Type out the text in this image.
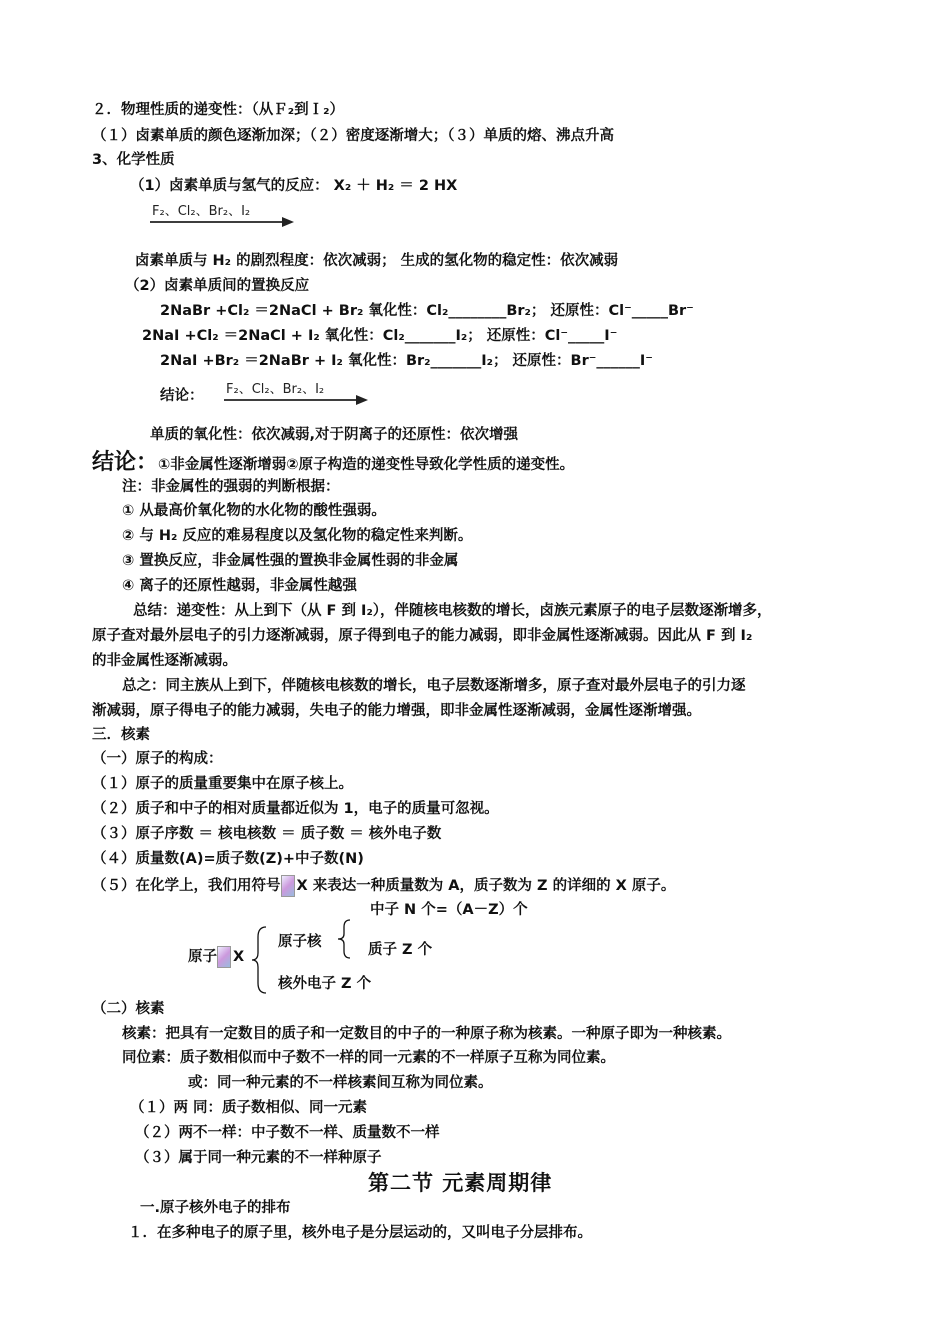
２．物理性质的递变性：（从Ｆ₂到Ｉ₂）
（１）卤素单质的颜色逐渐加深；（２）密度逐渐增大；（３）单质的熔、沸点升高
3、化学性质
（1）卤素单质与氢气的反应： X₂ ＋ H₂ ＝ 2 HX
F₂、Cl₂、Br₂、I₂
卤素单质与 H₂ 的剧烈程度：依次减弱； 生成的氢化物的稳定性：依次减弱
（2）卤素单质间的置换反应
2NaBr +Cl₂ ＝2NaCl + Br₂ 氧化性：Cl₂________Br₂； 还原性：Cl⁻_____Br⁻
2NaI +Cl₂ ＝2NaCl + I₂ 氧化性：Cl₂_______I₂； 还原性：Cl⁻_____I⁻
2NaI +Br₂ ＝2NaBr + I₂ 氧化性：Br₂_______I₂； 还原性：Br⁻______I⁻
结论： F₂、Cl₂、Br₂、I₂
单质的氧化性：依次减弱,对于阴离子的还原性：依次增强
结论：①非金属性逐渐增弱②原子构造的递变性导致化学性质的递变性。
注：非金属性的强弱的判断根据：
① 从最高价氧化物的水化物的酸性强弱。
② 与 H₂ 反应的难易程度以及氢化物的稳定性来判断。
③ 置换反应，非金属性强的置换非金属性弱的非金属
④ 离子的还原性越弱，非金属性越强
总结：递变性：从上到下（从 F 到 I₂），伴随核电核数的增长，卤族元素原子的电子层数逐渐增多，
原子查对最外层电子的引力逐渐减弱，原子得到电子的能力减弱，即非金属性逐渐减弱。因此从 F 到 I₂
的非金属性逐渐减弱。
总之：同主族从上到下，伴随核电核数的增长，电子层数逐渐增多，原子查对最外层电子的引力逐
渐减弱，原子得电子的能力减弱，失电子的能力增强，即非金属性逐渐减弱，金属性逐渐增强。
三．核素
（一）原子的构成：
（１）原子的质量重要集中在原子核上。
（２）质子和中子的相对质量都近似为 1，电子的质量可忽视。
（３）原子序数 ＝ 核电核数 ＝ 质子数 ＝ 核外电子数
（４）质量数(A)=质子数(Z)+中子数(N)
（５）在化学上，我们用符号 X 来表达一种质量数为 A，质子数为 Z 的详细的 X 原子。
中子 N 个=（A－Z）个
原子 X
原子核	质子 Z 个
核外电子 Z 个
（二）核素
核素：把具有一定数目的质子和一定数目的中子的一种原子称为核素。一种原子即为一种核素。
同位素：质子数相似而中子数不一样的同一元素的不一样原子互称为同位素。
或：同一种元素的不一样核素间互称为同位素。
（１）两 同：质子数相似、同一元素
（２）两不一样：中子数不一样、质量数不一样
（３）属于同一种元素的不一样种原子
第二节 元素周期律
一.原子核外电子的排布
１．在多种电子的原子里，核外电子是分层运动的，又叫电子分层排布。
